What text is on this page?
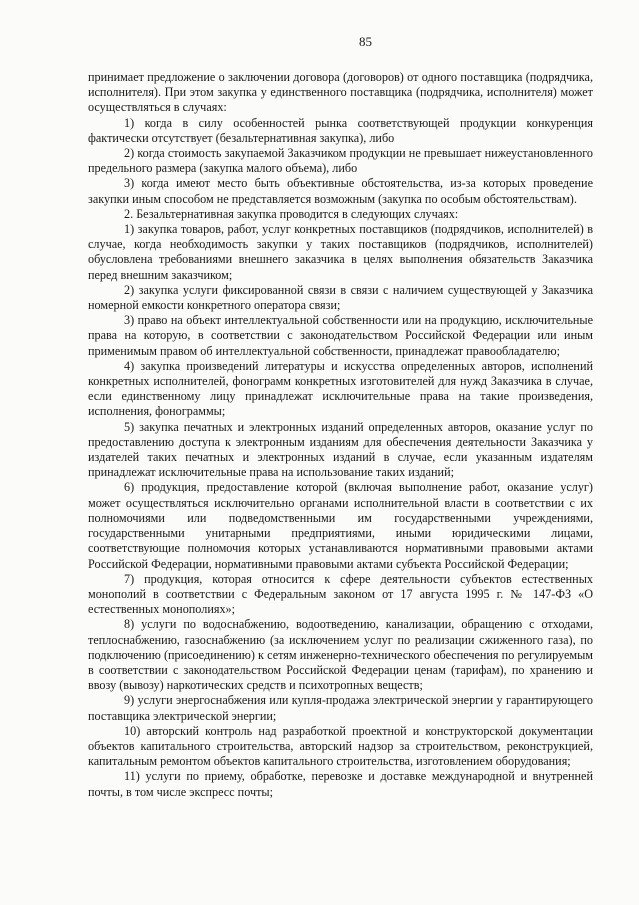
85

принимает предложение о заключении договора (договоров) от одного поставщика (подрядчика, исполнителя). При этом закупка у единственного поставщика (подрядчика, исполнителя) может осуществляться в случаях:

1) когда в силу особенностей рынка соответствующей продукции конкуренция фактически отсутствует (безальтернативная закупка), либо

2) когда стоимость закупаемой Заказчиком продукции не превышает нижеустановленного предельного размера (закупка малого объема), либо

3) когда имеют место быть объективные обстоятельства, из-за которых проведение закупки иным способом не представляется возможным (закупка по особым обстоятельствам).

2. Безальтернативная закупка проводится в следующих случаях:

1) закупка товаров, работ, услуг конкретных поставщиков (подрядчиков, исполнителей) в случае, когда необходимость закупки у таких поставщиков (подрядчиков, исполнителей) обусловлена требованиями внешнего заказчика в целях выполнения обязательств Заказчика перед внешним заказчиком;

2) закупка услуги фиксированной связи в связи с наличием существующей у Заказчика номерной емкости конкретного оператора связи;

3) право на объект интеллектуальной собственности или на продукцию, исключительные права на которую, в соответствии с законодательством Российской Федерации или иным применимым правом об интеллектуальной собственности, принадлежат правообладателю;

4) закупка произведений литературы и искусства определенных авторов, исполнений конкретных исполнителей, фонограмм конкретных изготовителей для нужд Заказчика в случае, если единственному лицу принадлежат исключительные права на такие произведения, исполнения, фонограммы;

5) закупка печатных и электронных изданий определенных авторов, оказание услуг по предоставлению доступа к электронным изданиям для обеспечения деятельности Заказчика у издателей таких печатных и электронных изданий в случае, если указанным издателям принадлежат исключительные права на использование таких изданий;

6) продукция, предоставление которой (включая выполнение работ, оказание услуг) может осуществляться исключительно органами исполнительной власти в соответствии с их полномочиями или подведомственными им государственными учреждениями, государственными унитарными предприятиями, иными юридическими лицами, соответствующие полномочия которых устанавливаются нормативными правовыми актами Российской Федерации, нормативными правовыми актами субъекта Российской Федерации;

7) продукция, которая относится к сфере деятельности субъектов естественных монополий в соответствии с Федеральным законом от 17 августа 1995 г. № 147-ФЗ «О естественных монополиях»;

8) услуги по водоснабжению, водоотведению, канализации, обращению с отходами, теплоснабжению, газоснабжению (за исключением услуг по реализации сжиженного газа), по подключению (присоединению) к сетям инженерно-технического обеспечения по регулируемым в соответствии с законодательством Российской Федерации ценам (тарифам), по хранению и ввозу (вывозу) наркотических средств и психотропных веществ;

9) услуги энергоснабжения или купля-продажа электрической энергии у гарантирующего поставщика электрической энергии;

10) авторский контроль над разработкой проектной и конструкторской документации объектов капитального строительства, авторский надзор за строительством, реконструкцией, капитальным ремонтом объектов капитального строительства, изготовлением оборудования;

11) услуги по приему, обработке, перевозке и доставке международной и внутренней почты, в том числе экспресс почты;
